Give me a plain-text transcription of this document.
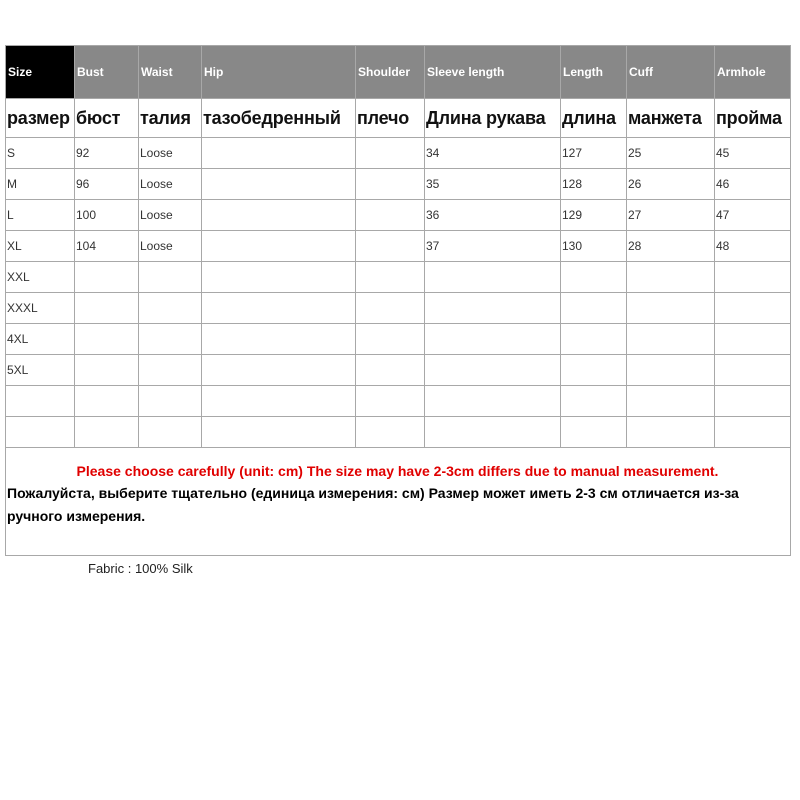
Size	Bust	Waist	Hip	Shoulder	Sleeve length	Length	Cuff	Armhole
размер	бюст	талия	тазобедренный	плечо	Длина рукава	длина	манжета	пройма
S	92	Loose			34	127	25	45
M	96	Loose			35	128	26	46
L	100	Loose			36	129	27	47
XL	104	Loose			37	130	28	48
XXL								
XXXL								
4XL								
5XL								

Please choose carefully (unit: cm) The size may have 2-3cm differs due to manual measurement.
Пожалуйста, выберите тщательно (единица измерения: см) Размер может иметь 2-3 см отличается из-за ручного измерения.								
Fabric : 100% Silk
